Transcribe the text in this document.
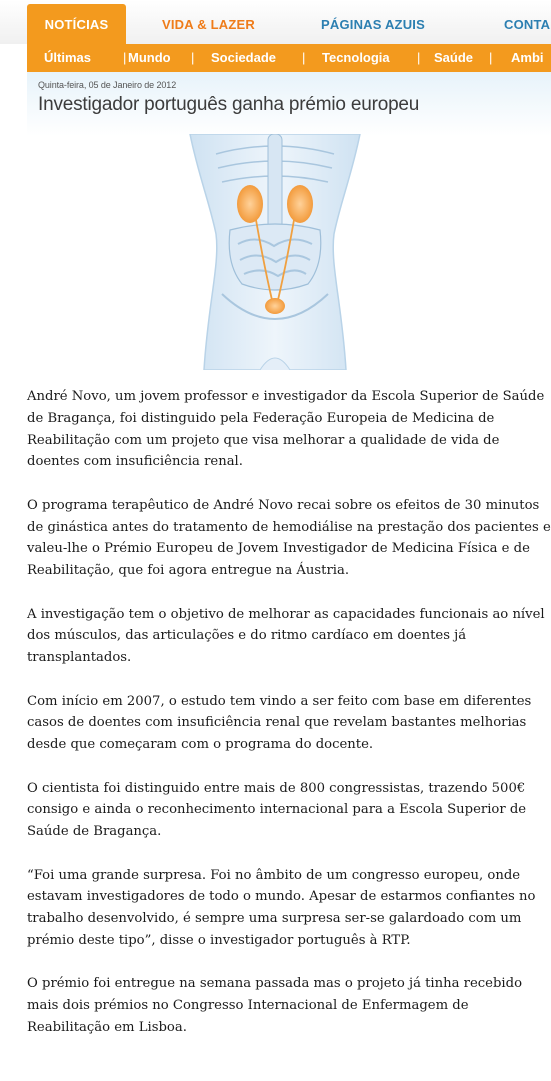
NOTÍCIAS	VIDA & LAZER	PÁGINAS AZUIS	CONTA
Últimas | Mundo | Sociedade | Tecnologia | Saúde | Ambi
Quinta-feira, 05 de Janeiro de 2012
Investigador português ganha prémio europeu

André Novo, um jovem professor e investigador da Escola Superior de Saúde de Bragança, foi distinguido pela Federação Europeia de Medicina de Reabilitação com um projeto que visa melhorar a qualidade de vida de doentes com insuficiência renal.

O programa terapêutico de André Novo recai sobre os efeitos de 30 minutos de ginástica antes do tratamento de hemodiálise na prestação dos pacientes e valeu-lhe o Prémio Europeu de Jovem Investigador de Medicina Física e de Reabilitação, que foi agora entregue na Áustria.

A investigação tem o objetivo de melhorar as capacidades funcionais ao nível dos músculos, das articulações e do ritmo cardíaco em doentes já transplantados.

Com início em 2007, o estudo tem vindo a ser feito com base em diferentes casos de doentes com insuficiência renal que revelam bastantes melhorias desde que começaram com o programa do docente.

O cientista foi distinguido entre mais de 800 congressistas, trazendo 500€ consigo e ainda o reconhecimento internacional para a Escola Superior de Saúde de Bragança.

“Foi uma grande surpresa. Foi no âmbito de um congresso europeu, onde estavam investigadores de todo o mundo. Apesar de estarmos confiantes no trabalho desenvolvido, é sempre uma surpresa ser-se galardoado com um prémio deste tipo”, disse o investigador português à RTP.

O prémio foi entregue na semana passada mas o projeto já tinha recebido mais dois prémios no Congresso Internacional de Enfermagem de Reabilitação em Lisboa.
